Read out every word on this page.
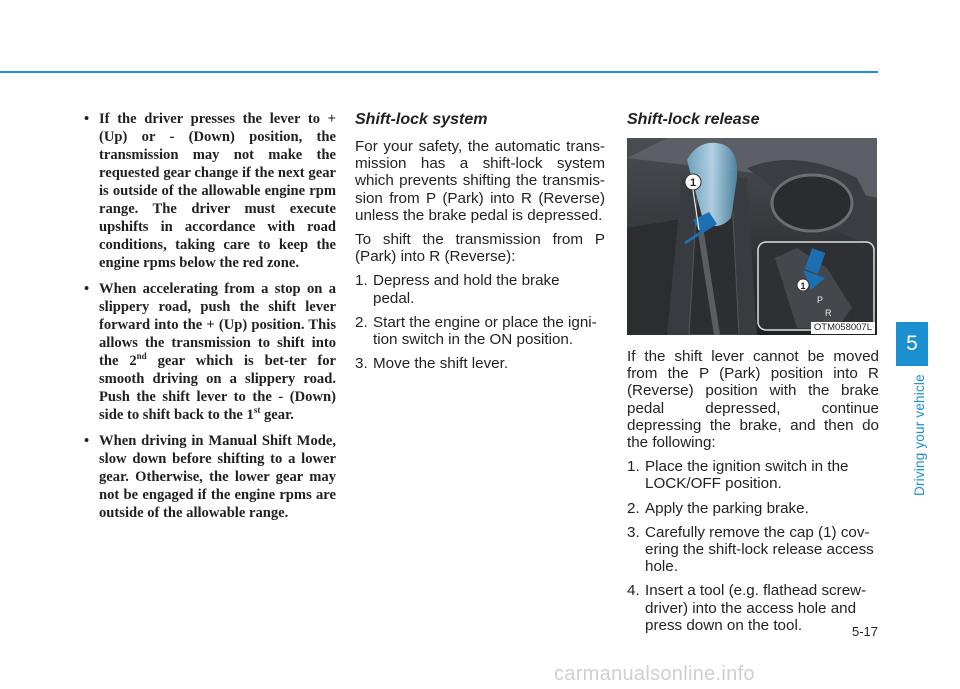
• If the driver presses the lever to + (Up) or - (Down) position, the transmission may not make the requested gear change if the next gear is outside of the allowable engine rpm range. The driver must execute upshifts in accordance with road conditions, taking care to keep the engine rpms below the red zone.
• When accelerating from a stop on a slippery road, push the shift lever forward into the + (Up) position. This allows the transmission to shift into the 2nd gear which is bet-ter for smooth driving on a slippery road. Push the shift lever to the - (Down) side to shift back to the 1st gear.
• When driving in Manual Shift Mode, slow down before shifting to a lower gear. Otherwise, the lower gear may not be engaged if the engine rpms are outside of the allowable range.
Shift-lock system

For your safety, the automatic trans-mission has a shift-lock system which prevents shifting the transmis-sion from P (Park) into R (Reverse) unless the brake pedal is depressed.

To shift the transmission from P (Park) into R (Reverse):

1. Depress and hold the brake pedal.
2. Start the engine or place the igni-tion switch in the ON position.
3. Move the shift lever.
Shift-lock release
1
1
P
R
OTM058007L

If the shift lever cannot be moved from the P (Park) position into R (Reverse) position with the brake pedal depressed, continue depressing the brake, and then do the following:

1. Place the ignition switch in the LOCK/OFF position.
2. Apply the parking brake.
3. Carefully remove the cap (1) cov-ering the shift-lock release access hole.
4. Insert a tool (e.g. flathead screw-driver) into the access hole and press down on the tool.
5
Driving your vehicle
5-17
carmanualsonline.info
